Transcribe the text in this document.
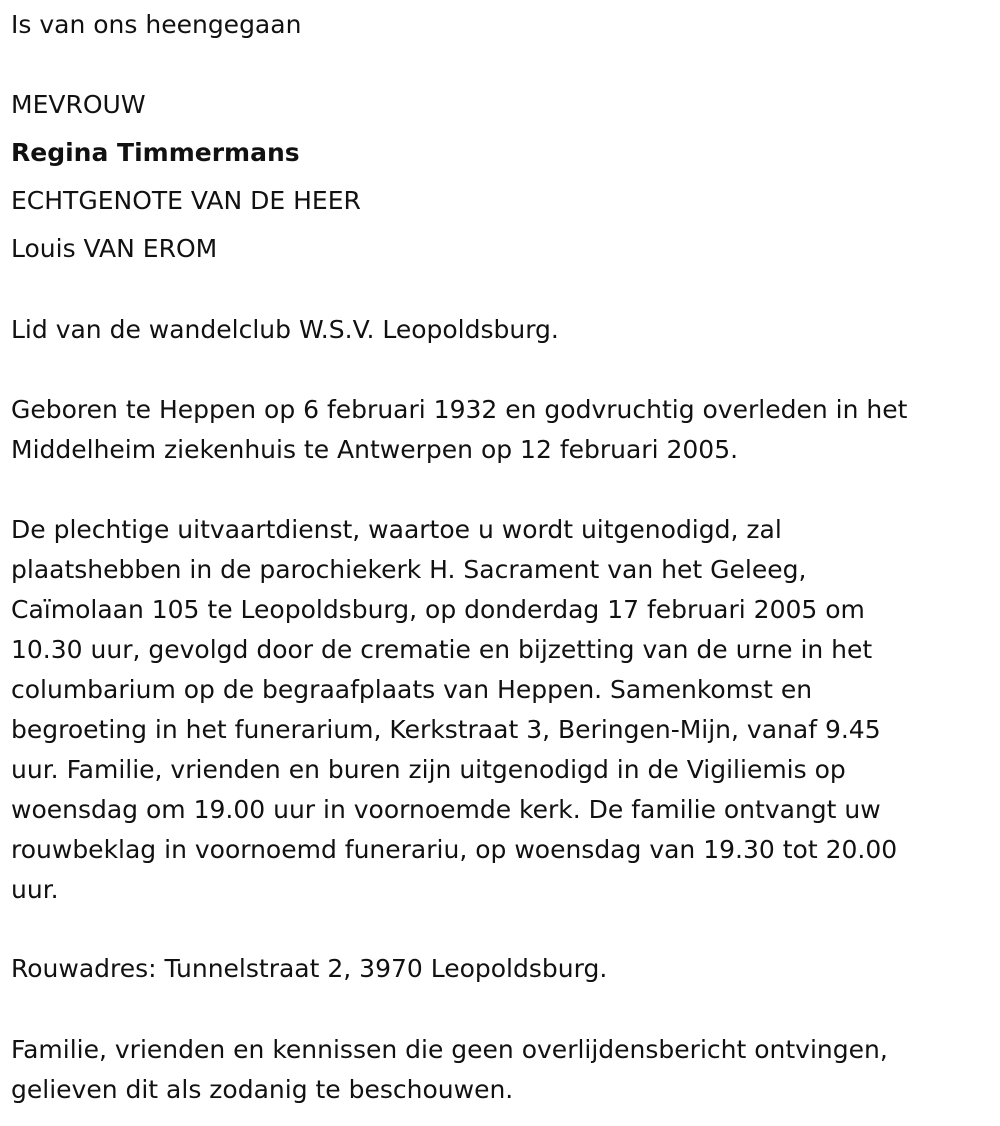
Is van ons heengegaan
MEVROUW
Regina Timmermans
ECHTGENOTE VAN DE HEER
Louis VAN EROM
Lid van de wandelclub W.S.V. Leopoldsburg.
Geboren te Heppen op 6 februari 1932 en godvruchtig overleden in het
Middelheim ziekenhuis te Antwerpen op 12 februari 2005.
De plechtige uitvaartdienst, waartoe u wordt uitgenodigd, zal
plaatshebben in de parochiekerk H. Sacrament van het Geleeg,
Caïmolaan 105 te Leopoldsburg, op donderdag 17 februari 2005 om
10.30 uur, gevolgd door de crematie en bijzetting van de urne in het
columbarium op de begraafplaats van Heppen. Samenkomst en
begroeting in het funerarium, Kerkstraat 3, Beringen-Mijn, vanaf 9.45
uur. Familie, vrienden en buren zijn uitgenodigd in de Vigiliemis op
woensdag om 19.00 uur in voornoemde kerk. De familie ontvangt uw
rouwbeklag in voornoemd funerariu, op woensdag van 19.30 tot 20.00
uur.
Rouwadres: Tunnelstraat 2, 3970 Leopoldsburg.
Familie, vrienden en kennissen die geen overlijdensbericht ontvingen,
gelieven dit als zodanig te beschouwen.
